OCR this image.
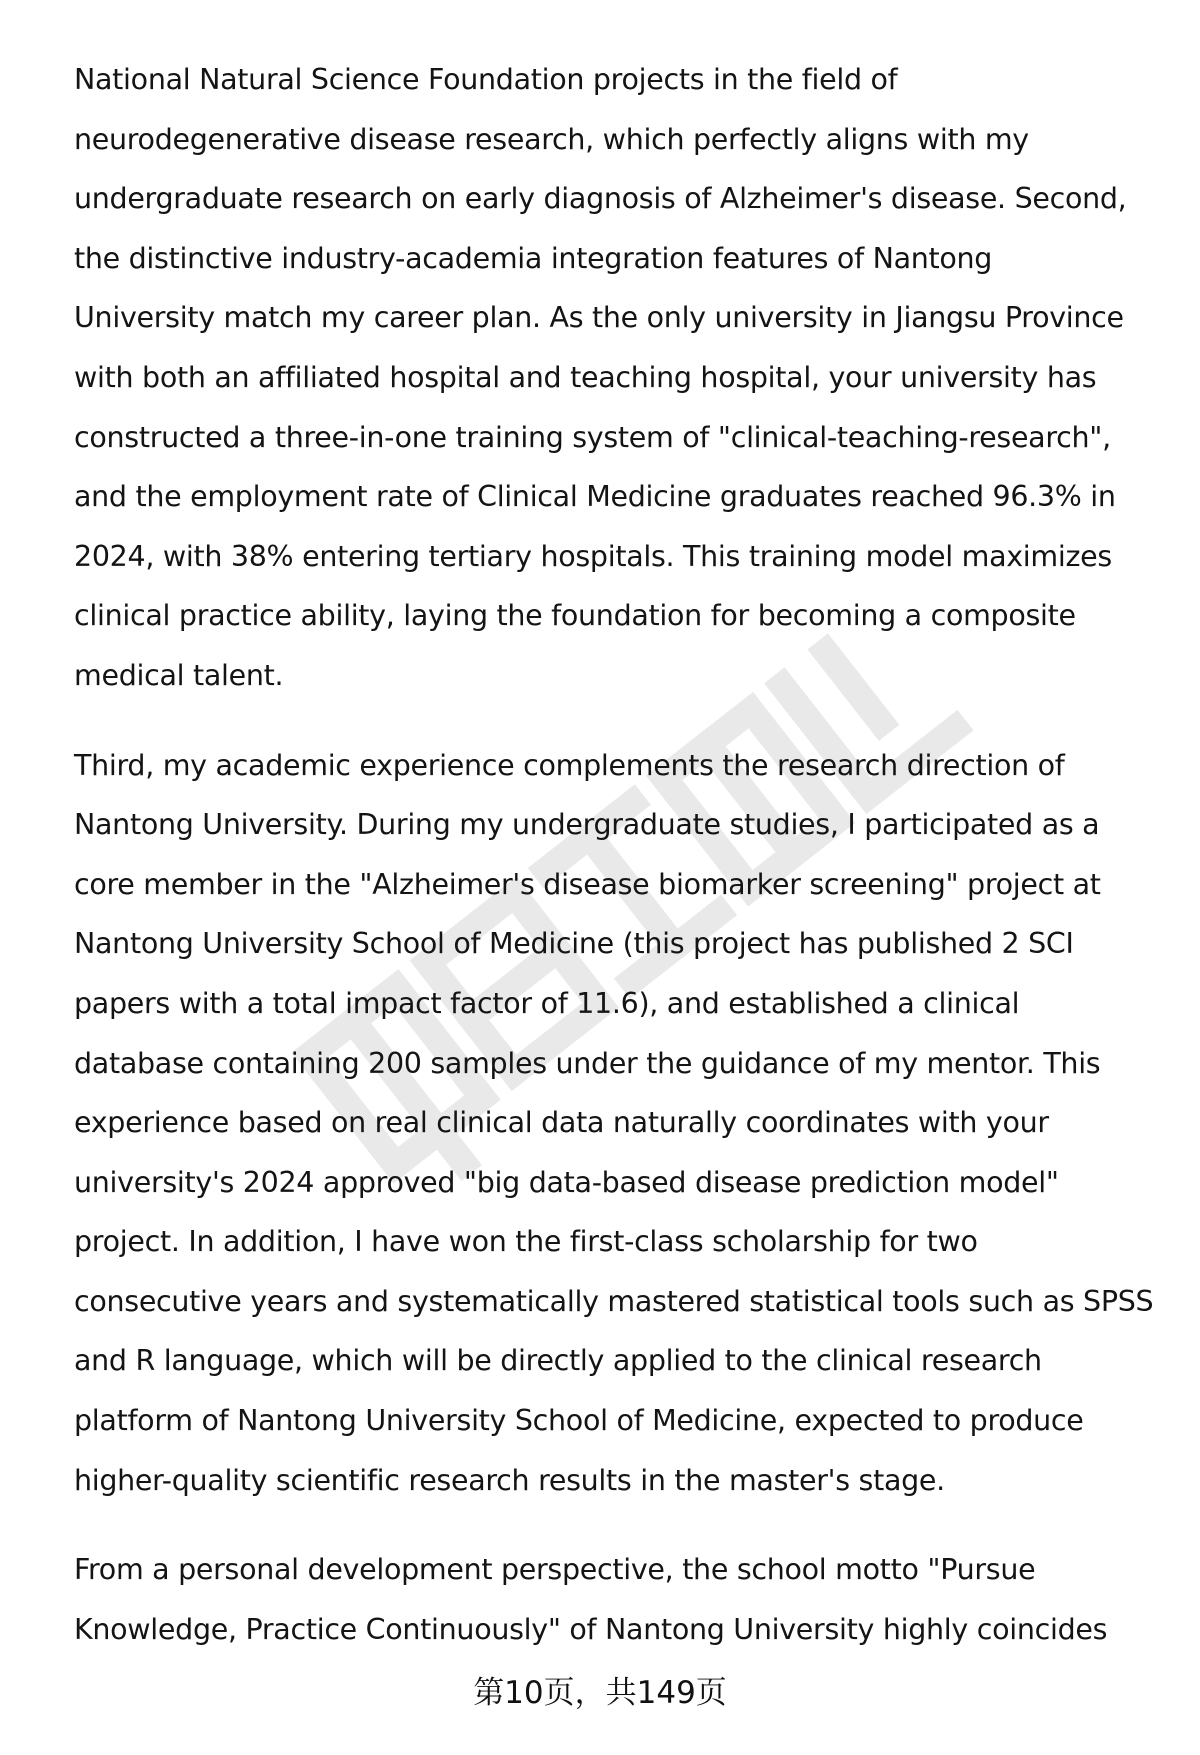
National Natural Science Foundation projects in the field of
neurodegenerative disease research, which perfectly aligns with my
undergraduate research on early diagnosis of Alzheimer's disease. Second,
the distinctive industry-academia integration features of Nantong
University match my career plan. As the only university in Jiangsu Province
with both an affiliated hospital and teaching hospital, your university has
constructed a three-in-one training system of "clinical-teaching-research",
and the employment rate of Clinical Medicine graduates reached 96.3% in
2024, with 38% entering tertiary hospitals. This training model maximizes
clinical practice ability, laying the foundation for becoming a composite
medical talent.
Third, my academic experience complements the research direction of
Nantong University. During my undergraduate studies, I participated as a
core member in the "Alzheimer's disease biomarker screening" project at
Nantong University School of Medicine (this project has published 2 SCI
papers with a total impact factor of 11.6), and established a clinical
database containing 200 samples under the guidance of my mentor. This
experience based on real clinical data naturally coordinates with your
university's 2024 approved "big data-based disease prediction model"
project. In addition, I have won the first-class scholarship for two
consecutive years and systematically mastered statistical tools such as SPSS
and R language, which will be directly applied to the clinical research
platform of Nantong University School of Medicine, expected to produce
higher-quality scientific research results in the master's stage.
From a personal development perspective, the school motto "Pursue
Knowledge, Practice Continuously" of Nantong University highly coincides
第10页，共149页
